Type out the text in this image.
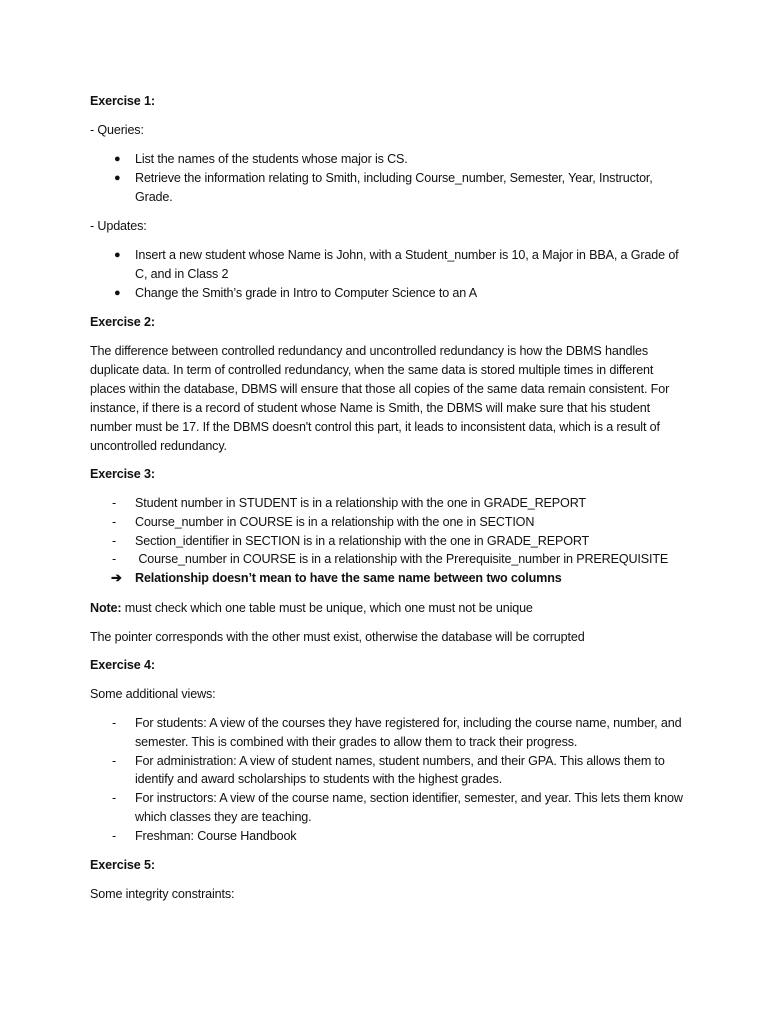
Exercise 1:

- Queries:

●	List the names of the students whose major is CS.
●	Retrieve the information relating to Smith, including Course_number, Semester, Year, Instructor, Grade.

- Updates:

●	Insert a new student whose Name is John, with a Student_number is 10, a Major in BBA, a Grade of C, and in Class 2
●	Change the Smith’s grade in Intro to Computer Science to an A

Exercise 2:

The difference between controlled redundancy and uncontrolled redundancy is how the DBMS handles duplicate data. In term of controlled redundancy, when the same data is stored multiple times in different places within the database, DBMS will ensure that those all copies of the same data remain consistent. For instance, if there is a record of student whose Name is Smith, the DBMS will make sure that his student number must be 17. If the DBMS doesn't control this part, it leads to inconsistent data, which is a result of uncontrolled redundancy.

Exercise 3:

-	Student number in STUDENT is in a relationship with the one in GRADE_REPORT
-	Course_number in COURSE is in a relationship with the one in SECTION
-	Section_identifier in SECTION is in a relationship with the one in GRADE_REPORT
-	Course_number in COURSE is in a relationship with the Prerequisite_number in PREREQUISITE
➔	Relationship doesn’t mean to have the same name between two columns

Note: must check which one table must be unique, which one must not be unique

The pointer corresponds with the other must exist, otherwise the database will be corrupted

Exercise 4:

Some additional views:

-	For students: A view of the courses they have registered for, including the course name, number, and semester. This is combined with their grades to allow them to track their progress.
-	For administration: A view of student names, student numbers, and their GPA. This allows them to identify and award scholarships to students with the highest grades.
-	For instructors: A view of the course name, section identifier, semester, and year. This lets them know which classes they are teaching.
-	Freshman: Course Handbook

Exercise 5:

Some integrity constraints:
